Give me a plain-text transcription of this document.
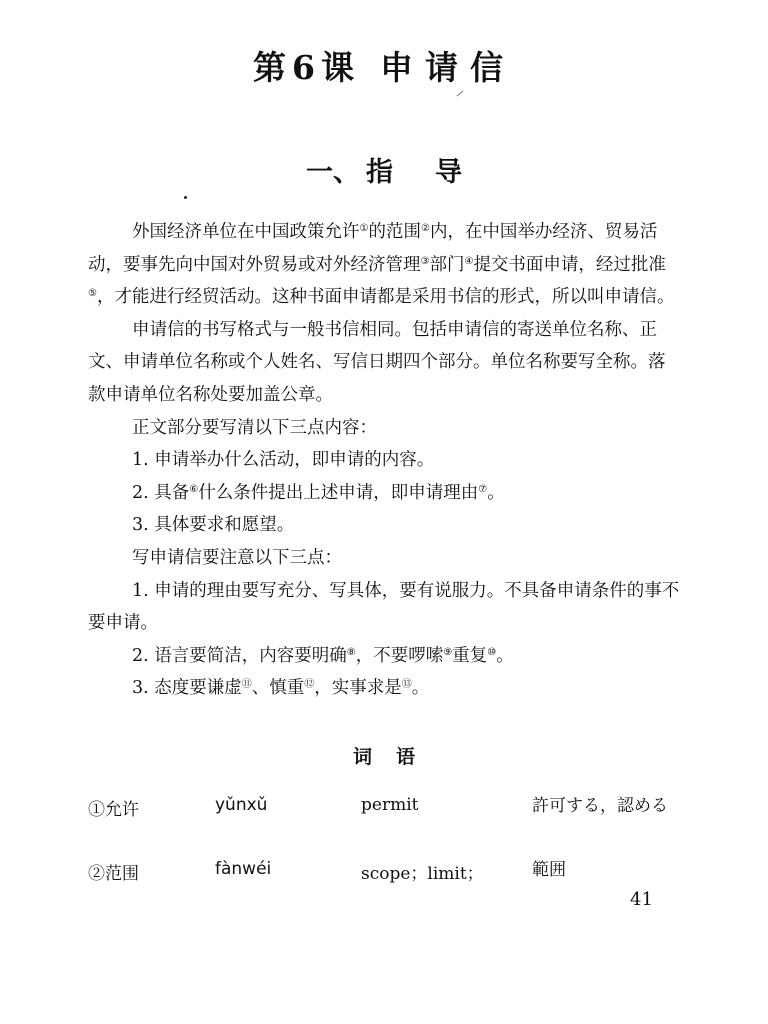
第 6 课 申请信
一、 指 导

外国经济单位在中国政策允许①的范围②内，在中国举办经济、贸易活动，要事先向中国对外贸易或对外经济管理③部门④提交书面申请，经过批准⑤，才能进行经贸活动。这种书面申请都是采用书信的形式，所以叫申请信。

申请信的书写格式与一般书信相同。包括申请信的寄送单位名称、正文、申请单位名称或个人姓名、写信日期四个部分。单位名称要写全称。落款申请单位名称处要加盖公章。

正文部分要写清以下三点内容：

1. 申请举办什么活动，即申请的内容。

2. 具备⑥什么条件提出上述申请，即申请理由⑦。

3. 具体要求和愿望。

写申请信要注意以下三点：

1. 申请的理由要写充分、写具体，要有说服力。不具备申请条件的事不要申请。

2. 语言要简洁，内容要明确⑧，不要啰嗦⑨重复⑩。

3. 态度要谦虚⑪、慎重⑫，实事求是⑬。

词 语
①允许	yǔnxǔ	permit	許可する，認める
②范围	fànwéi	scope；limit；	範囲
41
